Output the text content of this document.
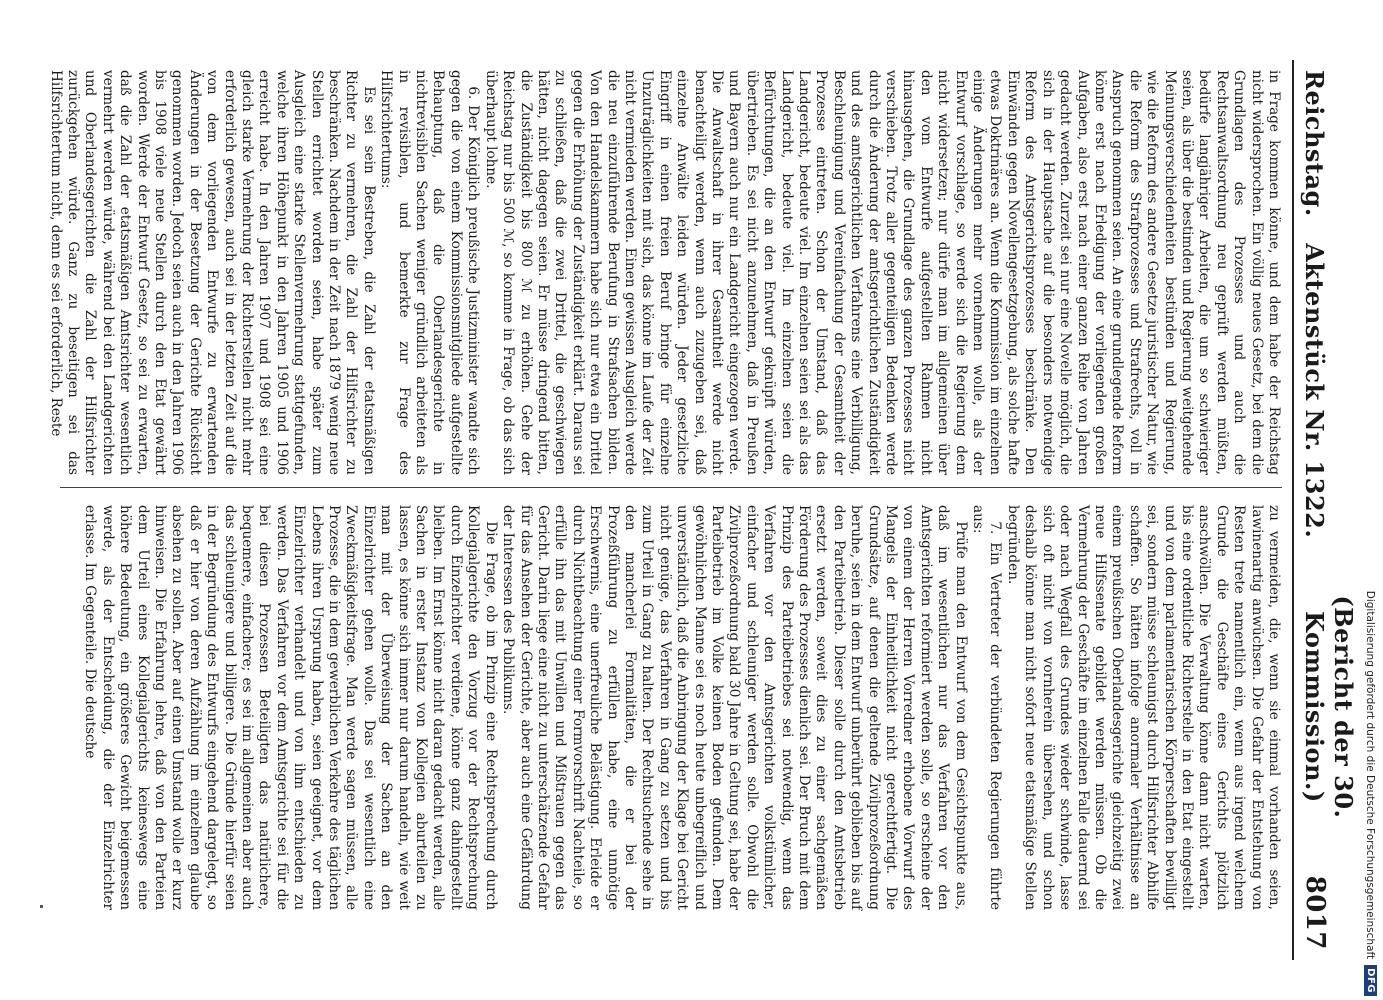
Reichstag.   Aktenstück Nr. 1322.
(Bericht der 30. Kommission.)
8017

in Frage kommen könne, und dem habe der Reichstag nicht widersprochen. Ein völlig neues Gesetz, bei dem die Grundlagen des Prozesses und auch die Rechtsanwaltsordnung neu geprüft werden müßten, bedürfe langjähriger Arbeiten, die um so schwieriger seien, als über die bestimden und Regierung weitgehende Meinungsverschiedenheiten bestünden und Regierung, wie die Reform des andere Gesetze juristischer Natur, wie die Reform des Strafprozesses und Strafrechts, voll in Anspruch genommen seien. An eine grundlegende Reform könne erst nach Erledigung der vorliegenden großen Aufgaben, also erst nach einer ganzen Reihe von Jahren gedacht werden. Zurzeit sei nur eine Novelle möglich, die sich in der Hauptsache auf die besonders notwendige Reform des Amtsgerichtsprozesses beschränke. Den Einwänden gegen Novellengesetzgebung, als solche hafte etwas Doktrinäres an. Wenn die Kommission im einzelnen einige Änderungen mehr vornehmen wolle, als der Entwurf vorschlage, so werde sich die Regierung dem nicht widersetzen; nur dürfe man im allgemeinen über den vom Entwurfe aufgestellten Rahmen nicht hinausgehen, die Grundlage des ganzen Prozesses nicht verschieben. Trotz aller gegenteiligen Bedenken werde durch die Änderung der amtsgerichtlichen Zuständigkeit und des amtsgerichtlichen Verfahrens eine Verbilligung, Beschleunigung und Vereinfachung der Gesamtheit der Prozesse eintreten. Schon der Umstand, daß das Landgericht, bedeute viel. Im einzelnen seien sei als das Landgericht, bedeute viel. Im einzelnen seien die Befürchtungen, die an den Entwurf geknüpft würden, übertrieben. Es sei nicht anzunehmen, daß in Preußen und Bayern auch nur ein Landgericht eingezogen werde. Die Anwaltschaft in ihrer Gesamtheit werde nicht benachteiligt werden, wenn auch zuzugeben sei, daß einzelne Anwälte leiden würden. Jeder gesetzliche Eingriff in einen freien Beruf bringe für einzelne Unzuträglichkeiten mit sich, das könne im Laufe der Zeit nicht vermieden werden. Einen gewissen Ausgleich werde die neu einzuführende Berufung in Strafsachen bilden. Von den Handelskammern habe sich nur etwa ein Drittel gegen die Erhöhung der Zuständigkeit erklärt. Daraus sei zu schließen, daß die zwei Drittel, die geschwiegen hätten, nicht dagegen seien. Er müsse dringend bitten, die Zuständigkeit bis 800 ℳ zu erhöhen. Gehe der Reichstag nur bis 500 ℳ, so komme in Frage, ob das sich überhaupt lohne.

6. Der Königlich preußische Justizminister wandte sich gegen die von einem Kommissionsmitgliede aufgestellte Behauptung, daß die Oberlandesgerichte in nichtrevisiblen Sachen weniger gründlich arbeiteten als in revisiblen, und bemerkte zur Frage des Hilfsrichtertums:

Es sei sein Bestreben, die Zahl der etatsmäßigen Richter zu vermehren, die Zahl der Hilfsrichter zu beschränken. Nachdem in der Zeit nach 1879 wenig neue Stellen errichtet worden seien, habe später zum Ausgleich eine starke Stellenvermehrung stattgefunden, welche ihren Höhepunkt in den Jahren 1905 und 1906 erreicht habe. In den Jahren 1907 und 1908 sei eine gleich starke Vermehrung der Richterstellen nicht mehr erforderlich gewesen, auch sei in der letzten Zeit auf die von dem vorliegenden Entwurfe zu erwartenden Änderungen in der Besetzung der Gerichte Rücksicht genommen worden. Jedoch seien auch in den Jahren 1906 bis 1908 viele neue Stellen durch den Etat gewährt worden. Werde der Entwurf Gesetz, so sei zu erwarten, daß die Zahl der etatsmäßigen Amtsrichter wesentlich vermehrt werden würde, während bei den Landgerichten und Oberlandesgerichten die Zahl der Hilfsrichter zurückgehen würde. Ganz zu beseitigen sei das Hilfsrichtertum nicht, denn es sei erforderlich, Reste

zu vermeiden, die, wenn sie einmal vorhanden seien, lawinenartig anwüchsen. Die Gefahr der Entstehung von Resten trete namentlich ein, wenn aus irgend welchem Grunde die Geschäfte eines Gerichts plötzlich anschwöllen. Die Verwaltung könne dann nicht warten, bis eine ordentliche Richterstelle in den Etat eingestellt und von dem parlamentarischen Körperschaften bewilligt sei, sondern müsse schleunigst durch Hilfsrichter Abhilfe schaffen. So hätten infolge anormaler Verhältnisse an einem preußischen Oberlandesgerichte gleichzeitig zwei neue Hilfssenate gebildet werden müssen. Ob die Vermehrung der Geschäfte im einzelnen Falle dauernd sei oder nach Wegfall des Grundes wieder schwinde, lasse sich oft nicht von vornherein übersehen, und schon deshalb könne man nicht sofort neue etatsmäßige Stellen begründen.

7. Ein Vertreter der verbündeten Regierungen führte aus:

Prüfe man den Entwurf von dem Gesichtspunkte aus, daß im wesentlichen nur das Verfahren vor den Amtsgerichten reformiert werden solle, so erscheine der von einem der Herren Vorredner erhobene Vorwurf des Mangels der Einheitlichkeit nicht gerechtfertigt. Die Grundsätze, auf denen die geltende Zivilprozeßordnung beruhe, seien in dem Entwurf unberührt geblieben bis auf den Parteibetrieb. Dieser solle durch den Amtsbetrieb ersetzt werden, soweit dies zu einer sachgemäßen Förderung des Prozesses dienlich sei. Der Bruch mit dem Prinzip des Parteibetriebes sei notwendig, wenn das Verfahren vor den Amtsgerichten volkstümlicher, einfacher und schleuniger werden solle. Obwohl die Zivilprozeßordnung bald 30 Jahre in Geltung sei, habe der Parteibetrieb im Volke keinen Boden gefunden. Dem gewöhnlichen Manne sei es noch heute unbegreiflich und unverständlich, daß die Anbringung der Klage bei Gericht nicht genüge, das Verfahren in Gang zu setzen und bis zum Urteil in Gang zu halten. Der Rechtsuchende sehe in den mancherlei Formalitäten, die er bei der Prozeßführung zu erfüllen habe, eine unnötige Erschwernis, eine unerfreuliche Belästigung. Erleide er durch Nichtbeachtung einer Formvorschrift Nachteile, so erfülle ihn das mit Unwillen und Mißtrauen gegen das Gericht. Darin liege eine nicht zu unterschätzende Gefahr für das Ansehen der Gerichte, aber auch eine Gefährdung der Interessen des Publikums.

Die Frage, ob im Prinzip eine Rechtsprechung durch Kollegialgerichte den Vorzug vor der Rechtsprechung durch Einzelrichter verdiene, könne ganz dahingestellt bleiben. Im Ernst könne nicht daran gedacht werden, alle Sachen in erster Instanz von Kollegien aburteilen zu lassen, es könne sich immer nur darum handeln, wie weit man mit der Überweisung der Sachen an den Einzelrichter gehen wolle. Das sei wesentlich eine Zweckmäßigkeitsfrage. Man werde sagen müssen, alle Prozesse, die in dem gewerblichen Verkehre des täglichen Lebens ihren Ursprung haben, seien geeignet, vor dem Einzelrichter verhandelt und von ihm entschieden zu werden. Das Verfahren vor dem Amtsgerichte sei für die bei diesen Prozessen Beteiligten das natürlichere, bequemere, einfachere; es sei im allgemeinen aber auch das schleunigere und billigere. Die Gründe hierfür seien in der Begründung des Entwurfs eingehend dargelegt, so daß er hier von deren Aufzählung im einzelnen glaube absehen zu sollen. Aber auf einen Umstand wolle er kurz hinweisen. Die Erfahrung lehre, daß von den Parteien dem Urteil eines Kollegialgerichts keineswegs eine höhere Bedeutung, ein größeres Gewicht beigemessen werde, als der Entscheidung, die der Einzelrichter erlasse. Im Gegenteile. Die deutsche	Digitalisierung gefördert durch die Deutsche Forschungsgemeinschaft
DFG
